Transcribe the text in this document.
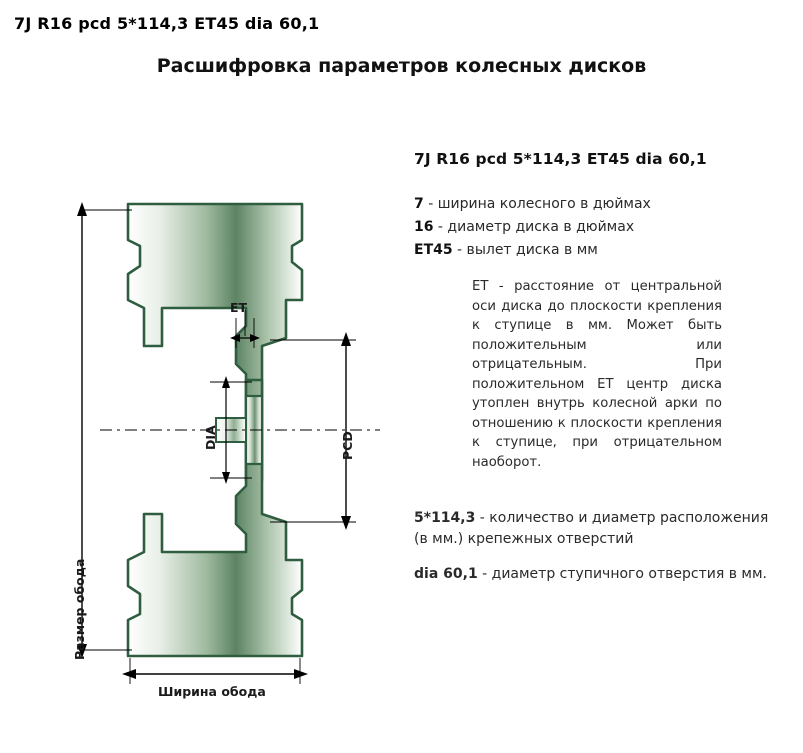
7J R16 pcd 5*114,3 ET45 dia 60,1
Расшифровка параметров колесных дисков
Размер обода
Ширина обода
ET
DIA	PCD
7J R16 pcd 5*114,3 ET45 dia 60,1
7 - ширина колесного в дюймах
16 - диаметр диска в дюймах
ET45 - вылет диска в мм
ET - расстояние от центральной оси диска до плоскости крепления к ступице в мм. Может быть положительным или отрицательным. При положительном ET центр диска утоплен внутрь колесной арки по отношению к плоскости крепления к ступице, при отрицательном наоборот.
5*114,3 - количество и диаметр расположения (в мм.) крепежных отверстий
dia 60,1 - диаметр ступичного отверстия в мм.
